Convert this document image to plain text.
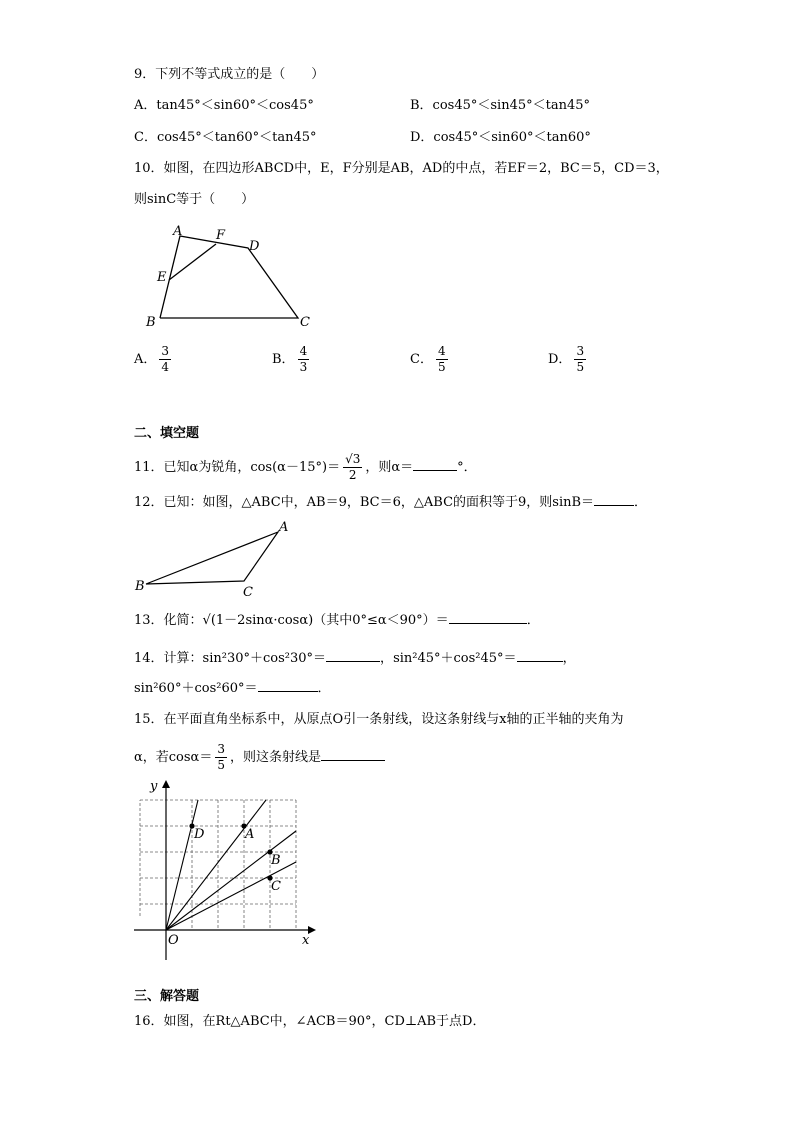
9．下列不等式成立的是（　　）
A．tan45°＜sin60°＜cos45°	B．cos45°＜sin45°＜tan45°
C．cos45°＜tan60°＜tan45°	D．cos45°＜sin60°＜tan60°
10．如图，在四边形ABCD中，E，F分别是AB，AD的中点，若EF＝2，BC＝5，CD＝3，
则sinC等于（　　）
A	F
D
E
B	C
A． $\frac{3}{4}$	B． $\frac{4}{3}$	C． $\frac{4}{5}$	D． $\frac{3}{5}$
二、填空题
11．已知α为锐角，$\cos(\alpha-15^\circ)= \frac{√3}{2}$ ，则α＝	°．
12．已知：如图，△ABC中，AB＝9，BC＝6，△ABC的面积等于9，则sinB＝	．
A
B	C
13．化简：√(1－2sinα·cosα)（其中0°≤α＜90°）＝	．
14．计算：sin²30°＋cos²30°＝	，sin²45°＋cos²45°＝	，
sin²60°＋cos²60°＝	．
15．在平面直角坐标系中，从原点O引一条射线，设这条射线与x轴的正半轴的夹角为
α，若$\cos\alpha= \frac{3}{5}$ ，则这条射线是
y
x
O
D	A
B
C
三、解答题
16．如图，在Rt△ABC中，∠ACB＝90°，CD⊥AB于点D．
